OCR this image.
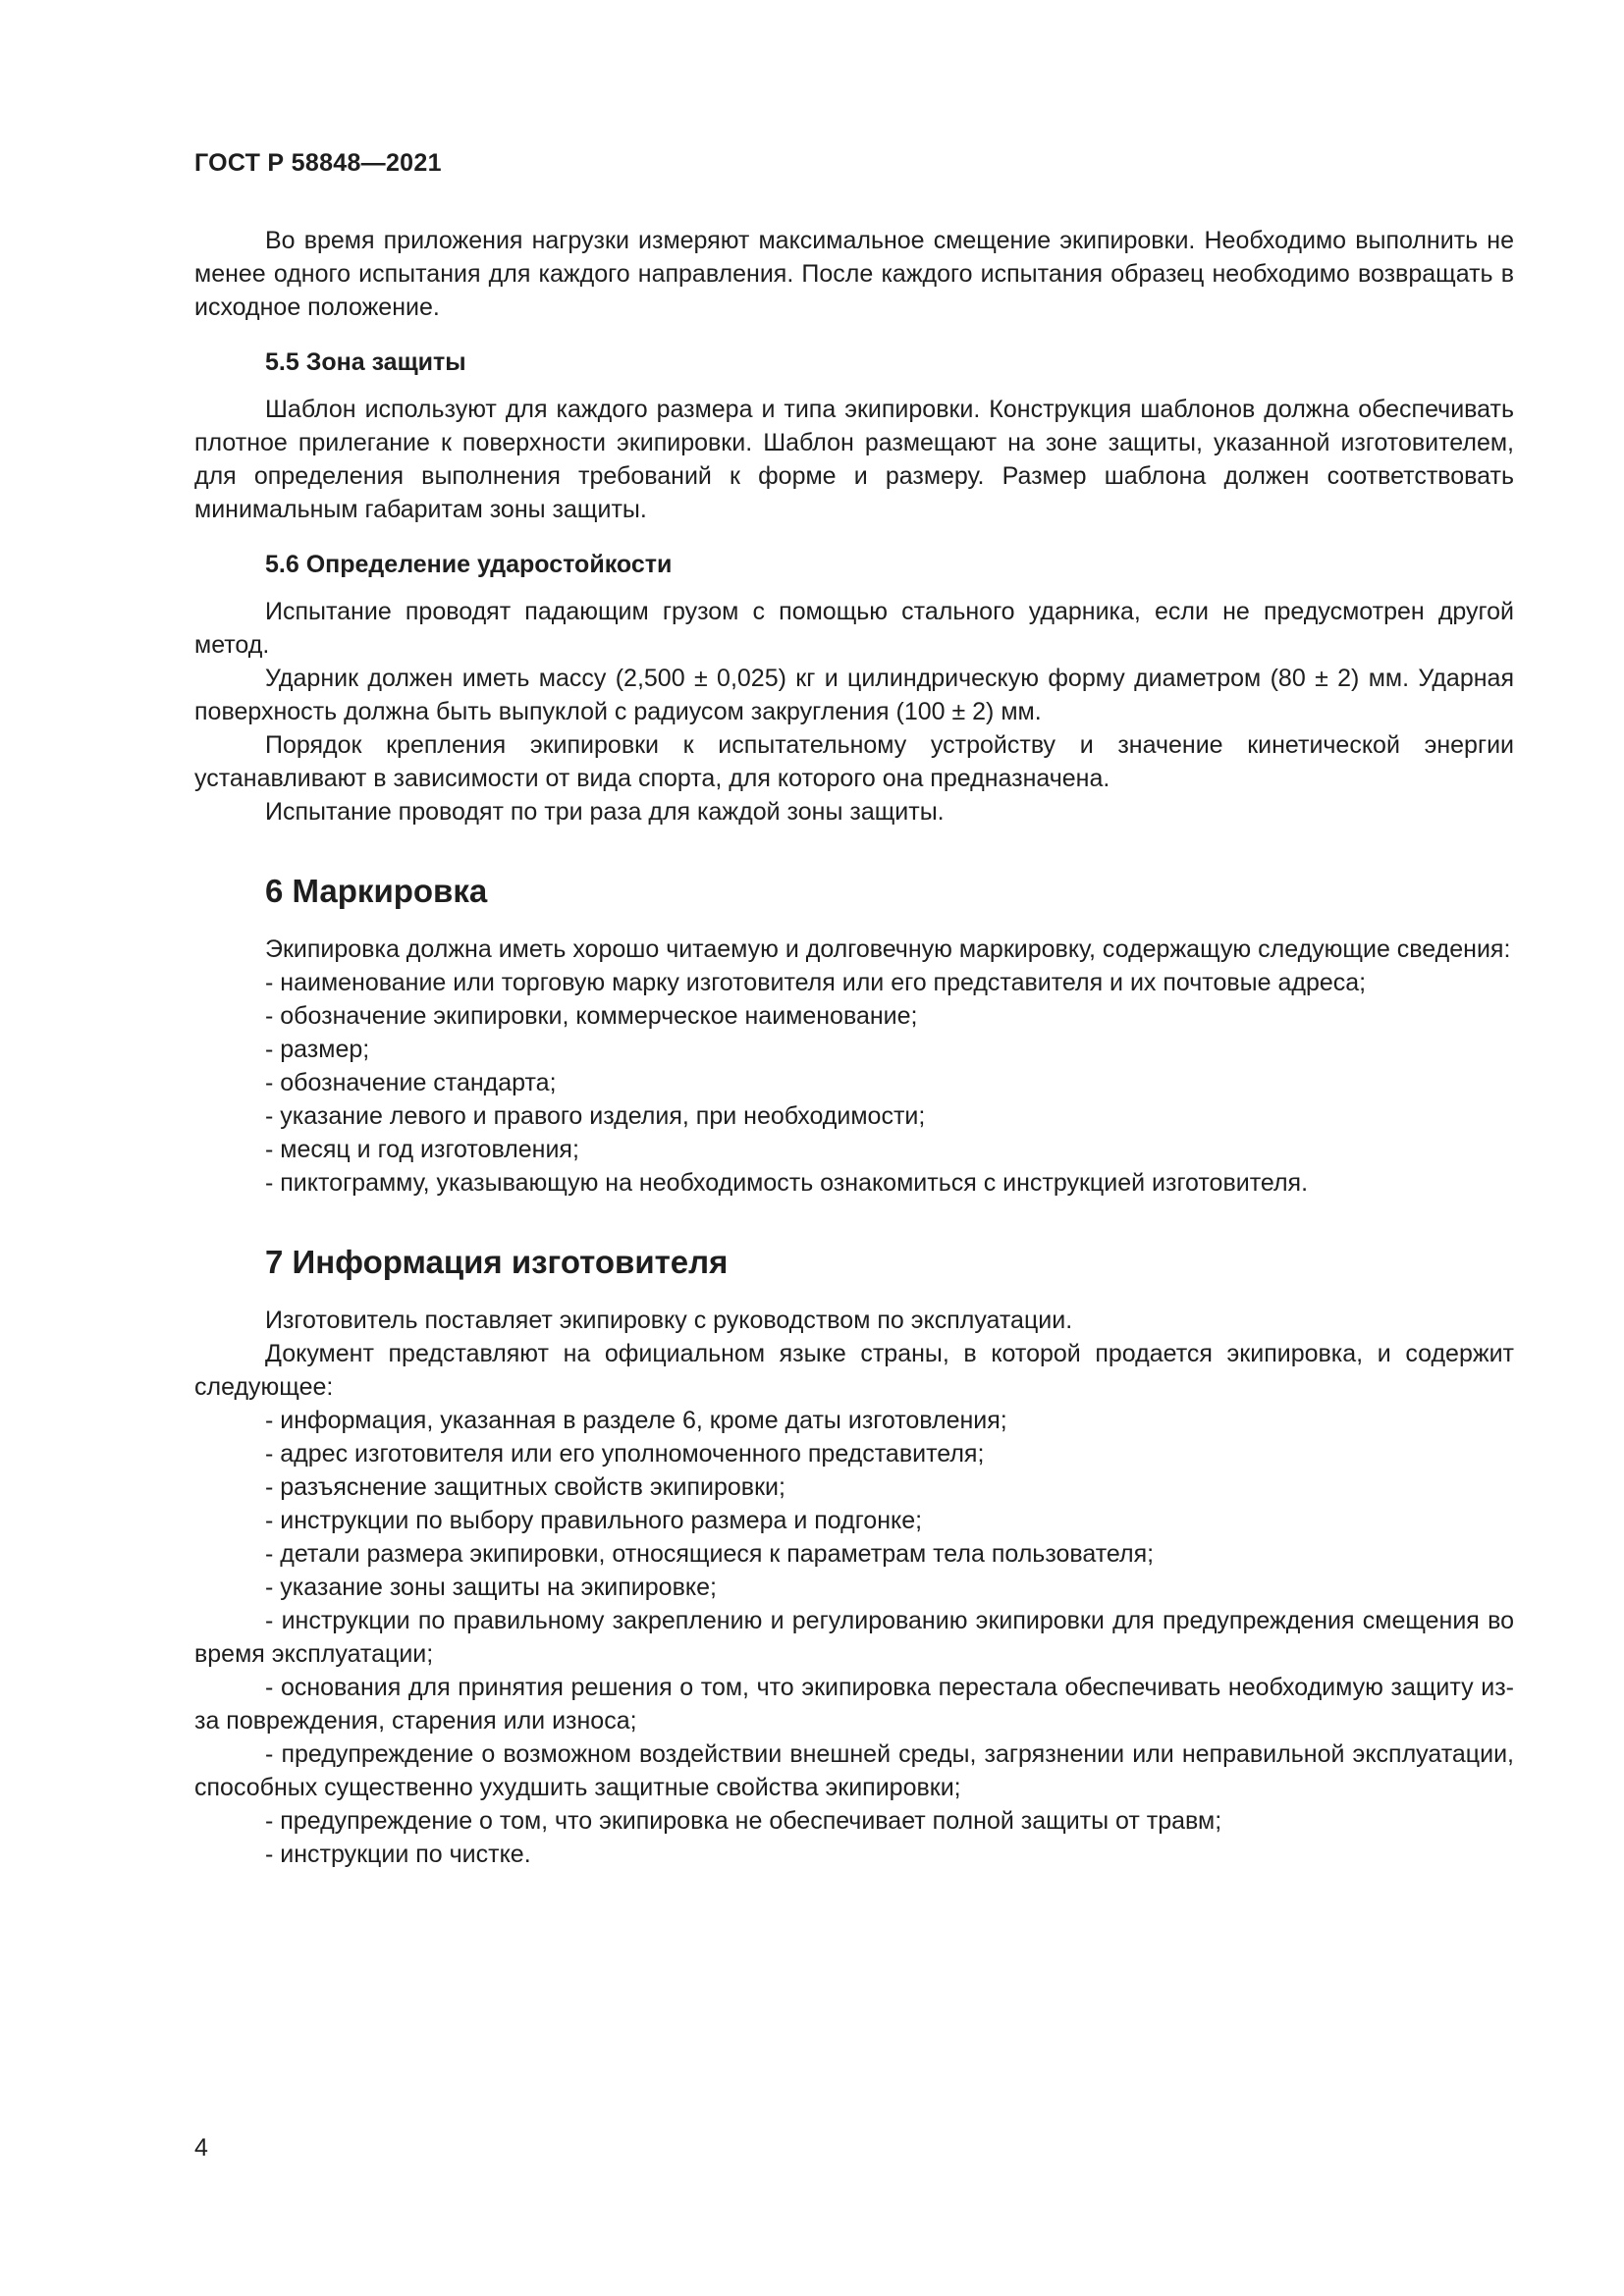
ГОСТ Р 58848—2021

Во время приложения нагрузки измеряют максимальное смещение экипировки. Необходимо выполнить не менее одного испытания для каждого направления. После каждого испытания образец необходимо возвращать в исходное положение.

5.5 Зона защиты

Шаблон используют для каждого размера и типа экипировки. Конструкция шаблонов должна обеспечивать плотное прилегание к поверхности экипировки. Шаблон размещают на зоне защиты, указанной изготовителем, для определения выполнения требований к форме и размеру. Размер шаблона должен соответствовать минимальным габаритам зоны защиты.

5.6 Определение ударостойкости

Испытание проводят падающим грузом с помощью стального ударника, если не предусмотрен другой метод.

Ударник должен иметь массу (2,500 ± 0,025) кг и цилиндрическую форму диаметром (80 ± 2) мм. Ударная поверхность должна быть выпуклой с радиусом закругления (100 ± 2) мм.

Порядок крепления экипировки к испытательному устройству и значение кинетической энергии устанавливают в зависимости от вида спорта, для которого она предназначена.

Испытание проводят по три раза для каждой зоны защиты.

6 Маркировка

Экипировка должна иметь хорошо читаемую и долговечную маркировку, содержащую следующие сведения:

- наименование или торговую марку изготовителя или его представителя и их почтовые адреса;

- обозначение экипировки, коммерческое наименование;

- размер;

- обозначение стандарта;

- указание левого и правого изделия, при необходимости;

- месяц и год изготовления;

- пиктограмму, указывающую на необходимость ознакомиться с инструкцией изготовителя.

7 Информация изготовителя

Изготовитель поставляет экипировку с руководством по эксплуатации.

Документ представляют на официальном языке страны, в которой продается экипировка, и содержит следующее:

- информация, указанная в разделе 6, кроме даты изготовления;

- адрес изготовителя или его уполномоченного представителя;

- разъяснение защитных свойств экипировки;

- инструкции по выбору правильного размера и подгонке;

- детали размера экипировки, относящиеся к параметрам тела пользователя;

- указание зоны защиты на экипировке;

- инструкции по правильному закреплению и регулированию экипировки для предупреждения смещения во время эксплуатации;

- основания для принятия решения о том, что экипировка перестала обеспечивать необходимую защиту из-за повреждения, старения или износа;

- предупреждение о возможном воздействии внешней среды, загрязнении или неправильной эксплуатации, способных существенно ухудшить защитные свойства экипировки;

- предупреждение о том, что экипировка не обеспечивает полной защиты от травм;

- инструкции по чистке.

4
